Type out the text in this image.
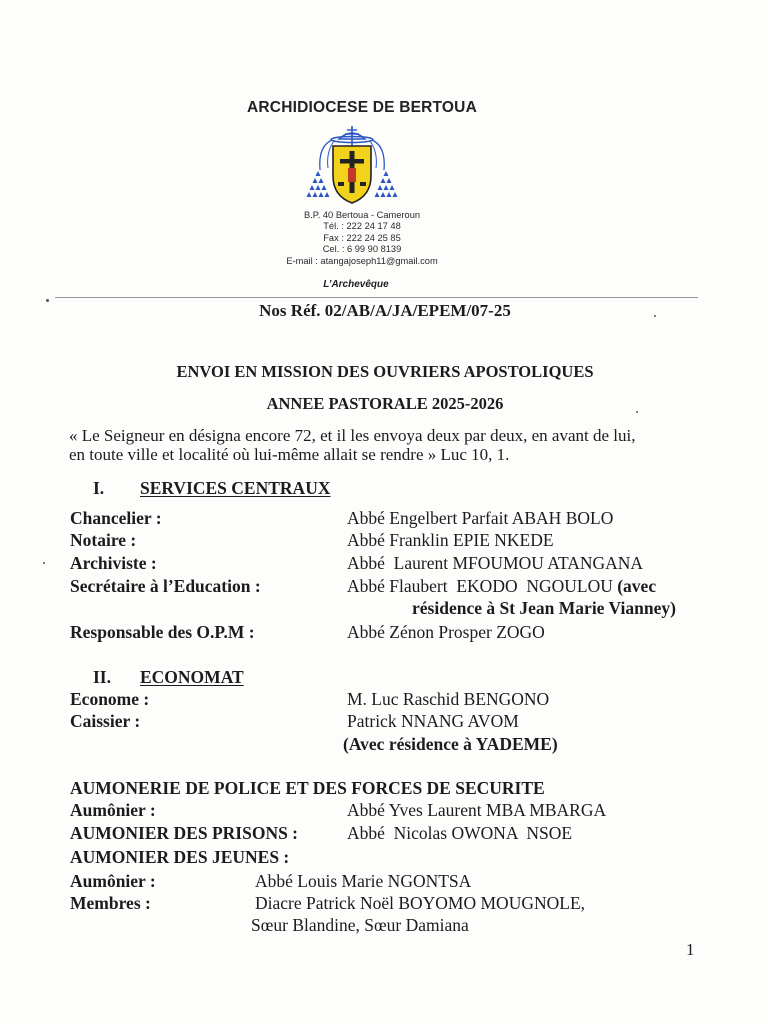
ARCHIDIOCESE DE BERTOUA
B.P. 40 Bertoua - Cameroun
Tél. : 222 24 17 48
Fax : 222 24 25 85
Cel. : 6 99 90 8139
E-mail : atangajoseph11@gmail.com
L’Archevêque
Nos Réf. 02/AB/A/JA/EPEM/07-25
ENVOI EN MISSION DES OUVRIERS APOSTOLIQUES
ANNEE PASTORALE 2025-2026
« Le Seigneur en désigna encore 72, et il les envoya deux par deux, en avant de lui,
en toute ville et localité où lui-même allait se rendre » Luc 10, 1.
I. SERVICES CENTRAUX
Chancelier :	Abbé Engelbert Parfait ABAH BOLO
Notaire :	Abbé Franklin EPIE NKEDE
Archiviste :	Abbé  Laurent MFOUMOU ATANGANA
Secrétaire à l’Education :	Abbé Flaubert  EKODO  NGOULOU (avec
résidence à St Jean Marie Vianney)
Responsable des O.P.M :	Abbé Zénon Prosper ZOGO
II. ECONOMAT
Econome :	M. Luc Raschid BENGONO
Caissier :	Patrick NNANG AVOM
(Avec résidence à YADEME)
AUMONERIE DE POLICE ET DES FORCES DE SECURITE
Aumônier :	Abbé Yves Laurent MBA MBARGA
AUMONIER DES PRISONS :	Abbé  Nicolas OWONA  NSOE
AUMONIER DES JEUNES :
Aumônier :	Abbé Louis Marie NGONTSA
Membres :	Diacre Patrick Noël BOYOMO MOUGNOLE,
Sœur Blandine, Sœur Damiana
1
